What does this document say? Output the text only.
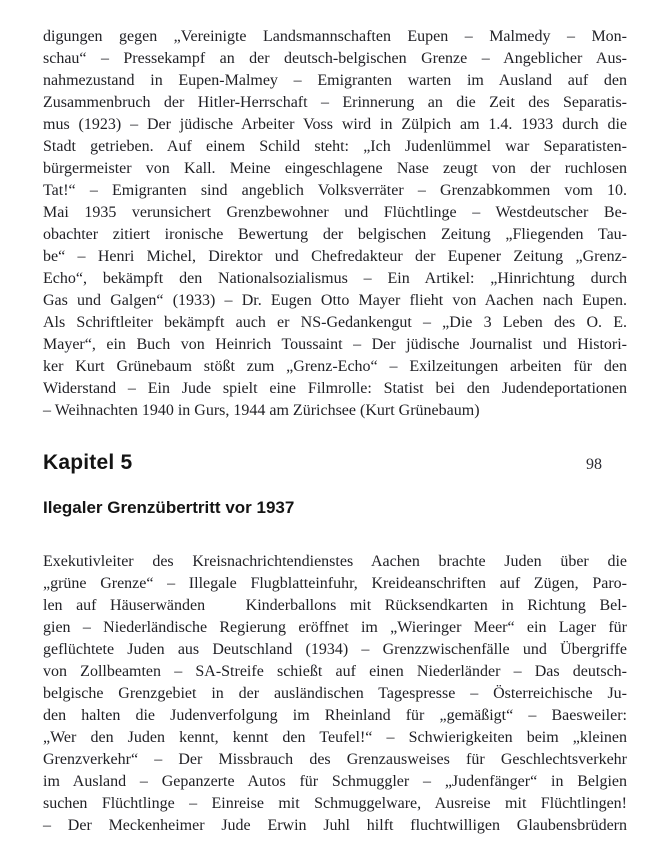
digungen gegen „Vereinigte Landsmannschaften Eupen – Malmedy – Mon-
schau“ – Pressekampf an der deutsch-belgischen Grenze – Angeblicher Aus-
nahmezustand in Eupen-Malmey – Emigranten warten im Ausland auf den
Zusammenbruch der Hitler-Herrschaft – Erinnerung an die Zeit des Separatis-
mus (1923) – Der jüdische Arbeiter Voss wird in Zülpich am 1.4. 1933 durch die
Stadt getrieben. Auf einem Schild steht: „Ich Judenlümmel war Separatisten-
bürgermeister von Kall. Meine eingeschlagene Nase zeugt von der ruchlosen
Tat!“ – Emigranten sind angeblich Volksverräter – Grenzabkommen vom 10.
Mai 1935 verunsichert Grenzbewohner und Flüchtlinge – Westdeutscher Be-
obachter zitiert ironische Bewertung der belgischen Zeitung „Fliegenden Tau-
be“ – Henri Michel, Direktor und Chefredakteur der Eupener Zeitung „Grenz-
Echo“, bekämpft den Nationalsozialismus – Ein Artikel: „Hinrichtung durch
Gas und Galgen“ (1933) – Dr. Eugen Otto Mayer flieht von Aachen nach Eupen.
Als Schriftleiter bekämpft auch er NS-Gedankengut – „Die 3 Leben des O. E.
Mayer“, ein Buch von Heinrich Toussaint – Der jüdische Journalist und Histori-
ker Kurt Grünebaum stößt zum „Grenz-Echo“ – Exilzeitungen arbeiten für den
Widerstand – Ein Jude spielt eine Filmrolle: Statist bei den Judendeportationen
– Weihnachten 1940 in Gurs, 1944 am Zürichsee (Kurt Grünebaum)
Kapitel 5	98
Ilegaler Grenzübertritt vor 1937
Exekutivleiter des Kreisnachrichtendienstes Aachen brachte Juden über die
„grüne Grenze“ – Illegale Flugblatteinfuhr, Kreideanschriften auf Zügen, Paro-
len auf Häuserwänden   Kinderballons mit Rücksendkarten in Richtung Bel-
gien – Niederländische Regierung eröffnet im „Wieringer Meer“ ein Lager für
geflüchtete Juden aus Deutschland (1934) – Grenzzwischenfälle und Übergriffe
von Zollbeamten – SA-Streife schießt auf einen Niederländer – Das deutsch-
belgische Grenzgebiet in der ausländischen Tagespresse – Österreichische Ju-
den halten die Judenverfolgung im Rheinland für „gemäßigt“ – Baesweiler:
„Wer den Juden kennt, kennt den Teufel!“ – Schwierigkeiten beim „kleinen
Grenzverkehr“ – Der Missbrauch des Grenzausweises für Geschlechtsverkehr
im Ausland – Gepanzerte Autos für Schmuggler – „Judenfänger“ in Belgien
suchen Flüchtlinge – Einreise mit Schmuggelware, Ausreise mit Flüchtlingen!
– Der Meckenheimer Jude Erwin Juhl hilft fluchtwilligen Glaubensbrüdern
